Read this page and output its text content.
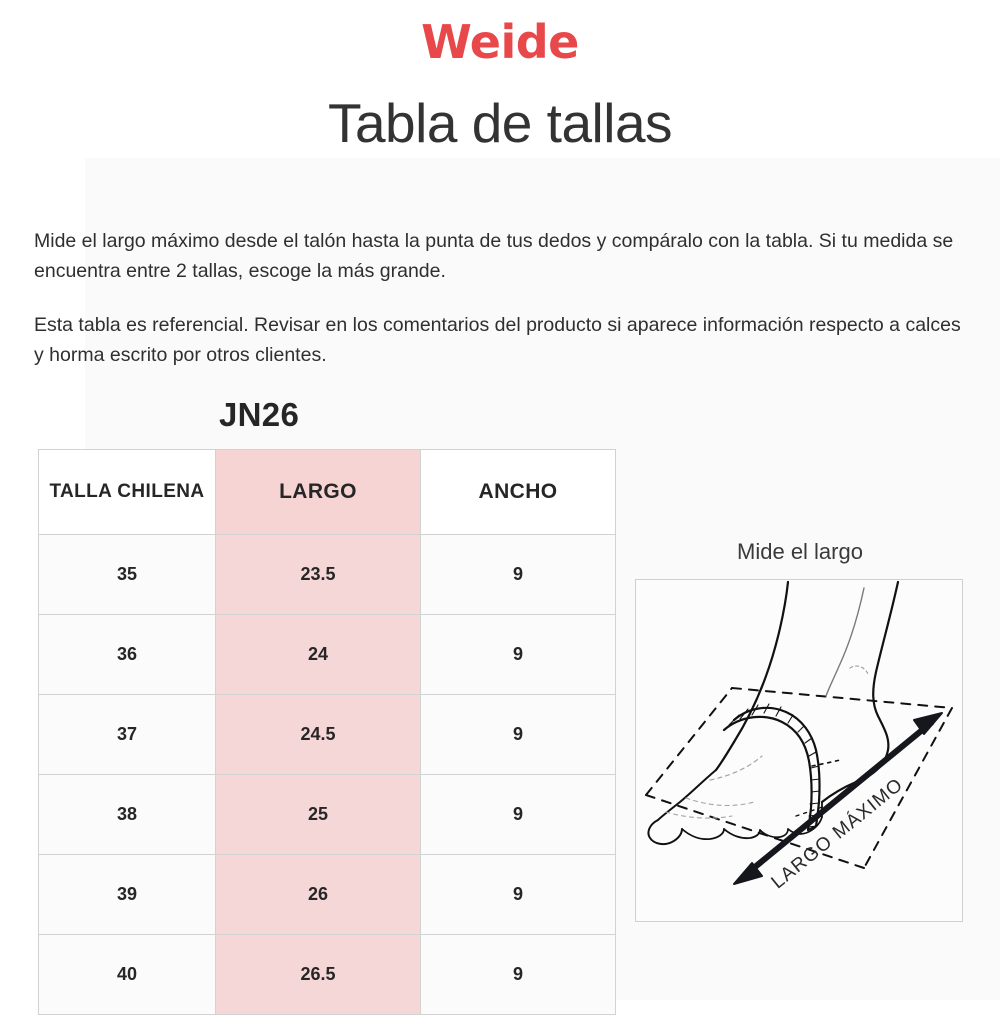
Weide
Tabla de tallas

Mide el largo máximo desde el talón hasta la punta de tus dedos y compáralo con la tabla. Si tu medida se encuentra entre 2 tallas, escoge la más grande.

Esta tabla es referencial. Revisar en los comentarios del producto si aparece información respecto a calces y horma escrito por otros clientes.

JN26
TALLA CHILENA	LARGO	ANCHO
35	23.5	9
36	24	9
37	24.5	9
38	25	9
39	26	9
40	26.5	9
Mide el largo
LARGO MÁXIMO
